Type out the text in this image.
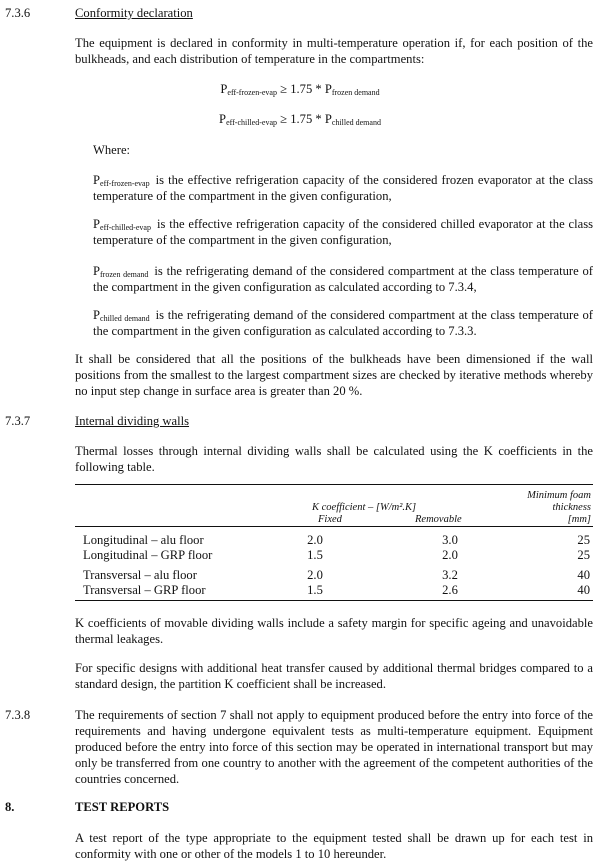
7.3.6	Conformity declaration

The equipment is declared in conformity in multi-temperature operation if, for each position of the bulkheads, and each distribution of temperature in the compartments:

$P_{eff-frozen-evap} \ge 1.75 * P_{frozen demand}$
$P_{eff-chilled-evap} \ge 1.75 * P_{chilled demand}$
Where:

$P_{eff-frozen-evap}$ is the effective refrigeration capacity of the considered frozen evaporator at the class temperature of the compartment in the given configuration,

$P_{eff-chilled-evap}$ is the effective refrigeration capacity of the considered chilled evaporator at the class temperature of the compartment in the given configuration,

$P_{frozen demand}$ is the refrigerating demand of the considered compartment at the class temperature of the compartment in the given configuration as calculated according to 7.3.4,

$P_{chilled demand}$ is the refrigerating demand of the considered compartment at the class temperature of the compartment in the given configuration as calculated according to 7.3.3.

It shall be considered that all the positions of the bulkheads have been dimensioned if the wall positions from the smallest to the largest compartment sizes are checked by iterative methods whereby no input step change in surface area is greater than 20 %.

7.3.7	Internal dividing walls

Thermal losses through internal dividing walls shall be calculated using the K coefficients in the following table.

K coefficient – [W/m².K]
Fixed	Removable
Minimum foam
thickness
[mm]
Longitudinal – alu floor	2.0	3.0	25
Longitudinal – GRP floor	1.5	2.0	25
Transversal – alu floor	2.0	3.2	40
Transversal – GRP floor	1.5	2.6	40

K coefficients of movable dividing walls include a safety margin for specific ageing and unavoidable thermal leakages.

For specific designs with additional heat transfer caused by additional thermal bridges compared to a standard design, the partition K coefficient shall be increased.

7.3.8	The requirements of section 7 shall not apply to equipment produced before the entry into force of the requirements and having undergone equivalent tests as multi-temperature equipment. Equipment produced before the entry into force of this section may be operated in international transport but may only be transferred from one country to another with the agreement of the competent authorities of the countries concerned.

8.	TEST REPORTS

A test report of the type appropriate to the equipment tested shall be drawn up for each test in conformity with one or other of the models 1 to 10 hereunder.
